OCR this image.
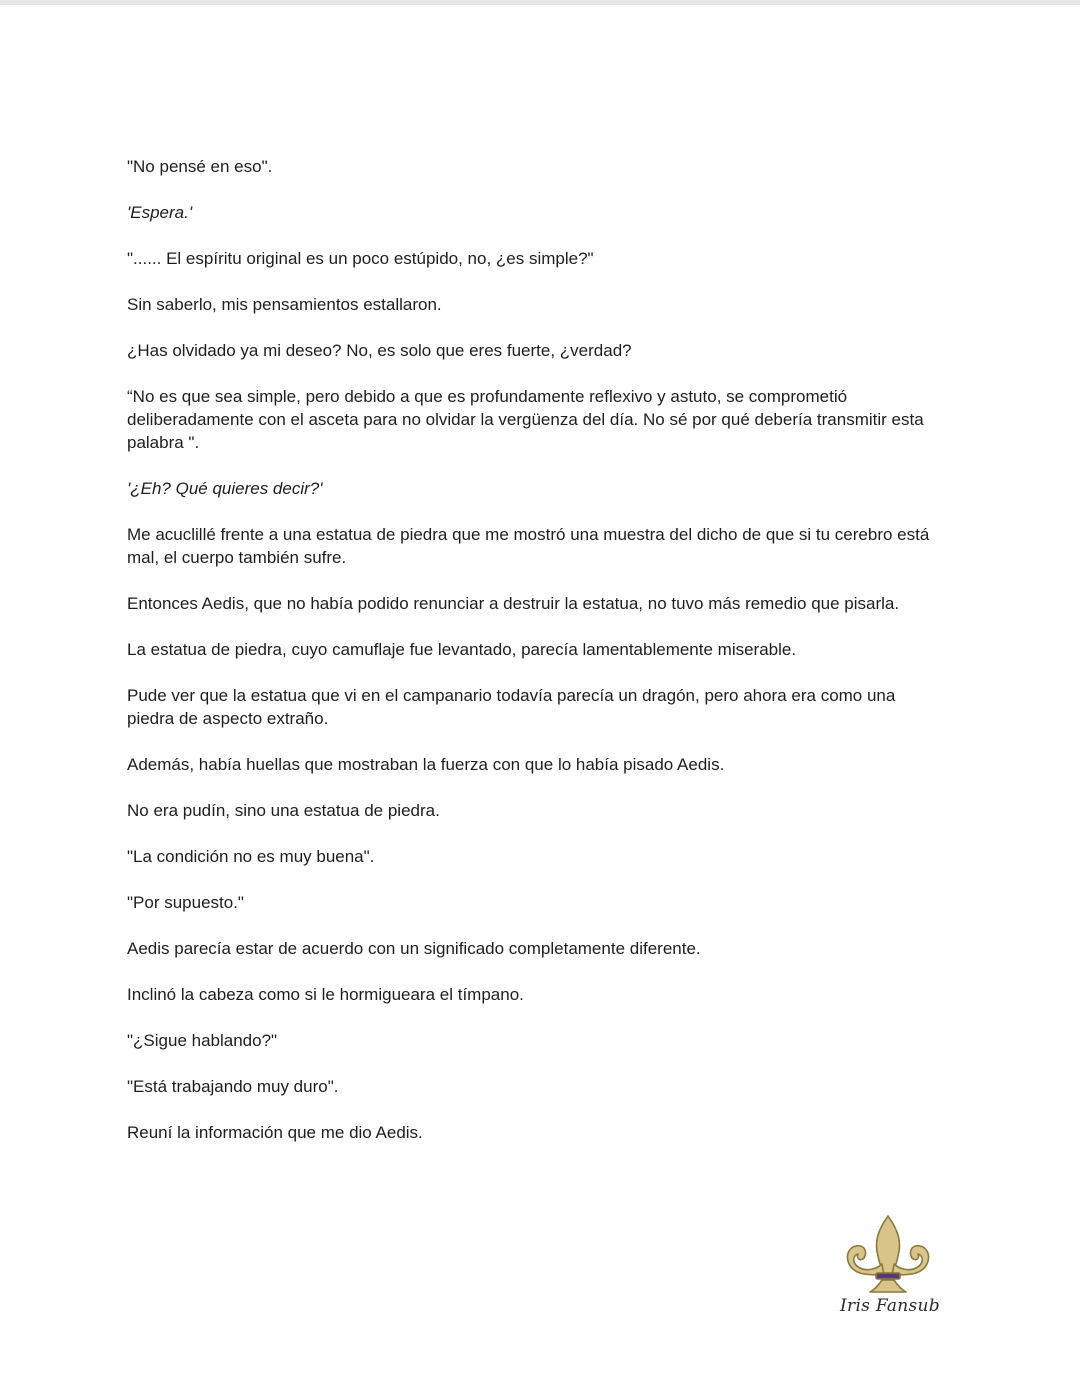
"No pensé en eso".

'Espera.'

"...... El espíritu original es un poco estúpido, no, ¿es simple?"

Sin saberlo, mis pensamientos estallaron.

¿Has olvidado ya mi deseo? No, es solo que eres fuerte, ¿verdad?

“No es que sea simple, pero debido a que es profundamente reflexivo y astuto, se comprometió deliberadamente con el asceta para no olvidar la vergüenza del día. No sé por qué debería transmitir esta palabra ".

'¿Eh? Qué quieres decir?'

Me acuclillé frente a una estatua de piedra que me mostró una muestra del dicho de que si tu cerebro está mal, el cuerpo también sufre.

Entonces Aedis, que no había podido renunciar a destruir la estatua, no tuvo más remedio que pisarla.

La estatua de piedra, cuyo camuflaje fue levantado, parecía lamentablemente miserable.

Pude ver que la estatua que vi en el campanario todavía parecía un dragón, pero ahora era como una piedra de aspecto extraño.

Además, había huellas que mostraban la fuerza con que lo había pisado Aedis.

No era pudín, sino una estatua de piedra.

"La condición no es muy buena".

"Por supuesto."

Aedis parecía estar de acuerdo con un significado completamente diferente.

Inclinó la cabeza como si le hormigueara el tímpano.

"¿Sigue hablando?"

"Está trabajando muy duro".

Reuní la información que me dio Aedis.

Iris Fansub
